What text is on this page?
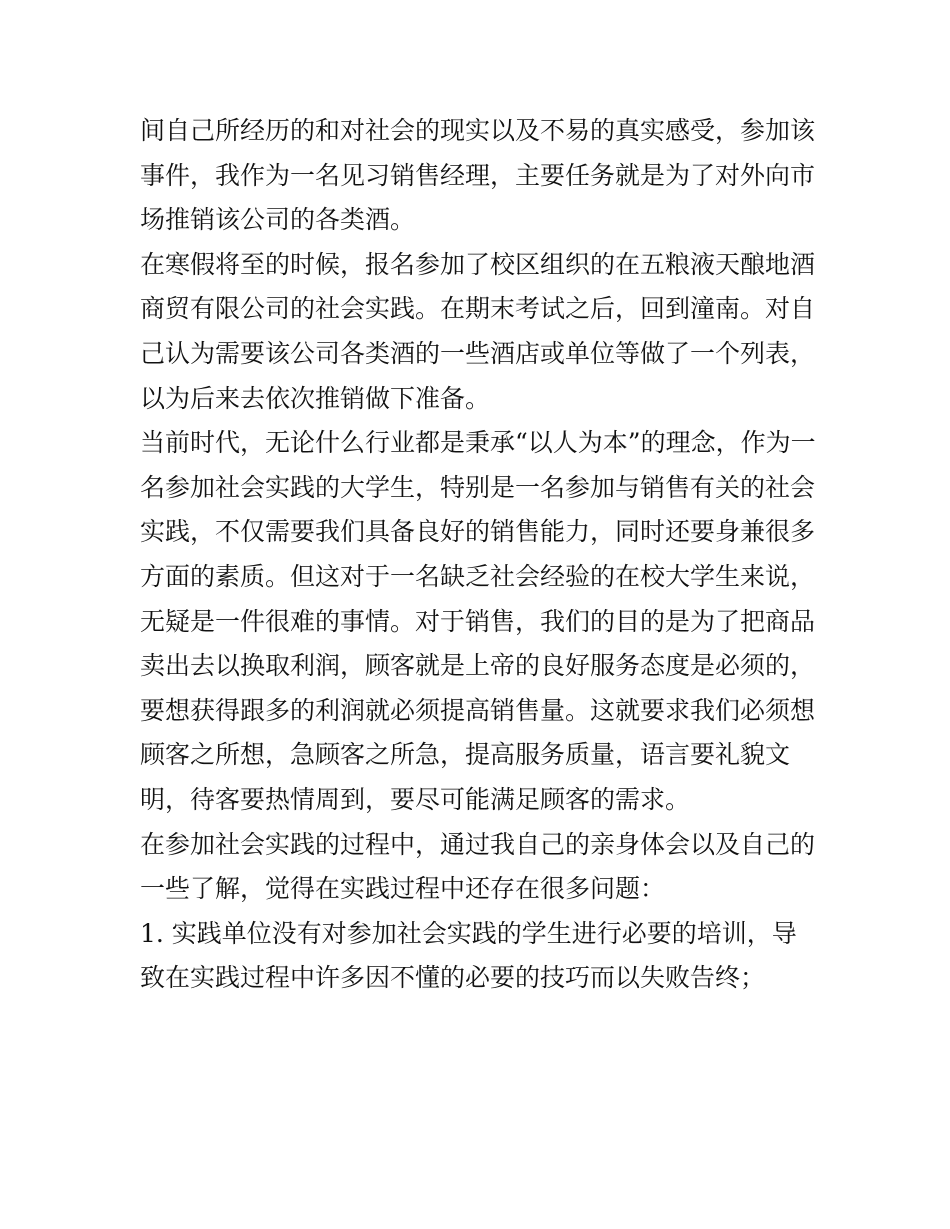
间自己所经历的和对社会的现实以及不易的真实感受，参加该
事件，我作为一名见习销售经理，主要任务就是为了对外向市
场推销该公司的各类酒。
在寒假将至的时候，报名参加了校区组织的在五粮液天酿地酒
商贸有限公司的社会实践。在期末考试之后，回到潼南。对自
己认为需要该公司各类酒的一些酒店或单位等做了一个列表，
以为后来去依次推销做下准备。
当前时代，无论什么行业都是秉承“以人为本”的理念，作为一
名参加社会实践的大学生，特别是一名参加与销售有关的社会
实践，不仅需要我们具备良好的销售能力，同时还要身兼很多
方面的素质。但这对于一名缺乏社会经验的在校大学生来说，
无疑是一件很难的事情。对于销售，我们的目的是为了把商品
卖出去以换取利润，顾客就是上帝的良好服务态度是必须的，
要想获得跟多的利润就必须提高销售量。这就要求我们必须想
顾客之所想，急顾客之所急，提高服务质量，语言要礼貌文
明，待客要热情周到，要尽可能满足顾客的需求。
在参加社会实践的过程中，通过我自己的亲身体会以及自己的
一些了解，觉得在实践过程中还存在很多问题：
1. 实践单位没有对参加社会实践的学生进行必要的培训，导
致在实践过程中许多因不懂的必要的技巧而以失败告终；
